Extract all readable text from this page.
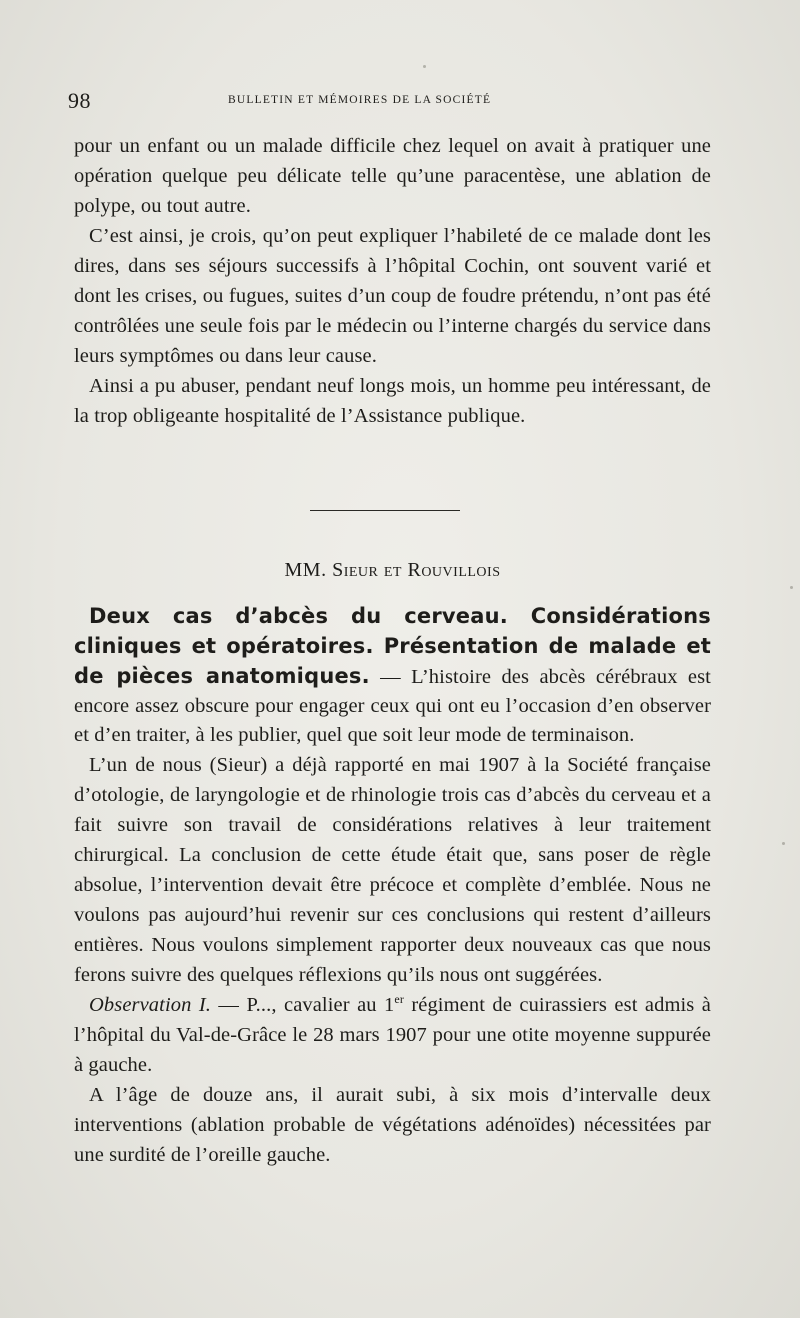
98	BULLETIN ET MÉMOIRES DE LA SOCIÉTÉ

pour un enfant ou un malade difficile chez lequel on avait à pratiquer une opération quelque peu délicate telle qu’une paracentèse, une ablation de polype, ou tout autre.

C’est ainsi, je crois, qu’on peut expliquer l’habileté de ce malade dont les dires, dans ses séjours successifs à l’hôpital Cochin, ont souvent varié et dont les crises, ou fugues, suites d’un coup de foudre prétendu, n’ont pas été contrôlées une seule fois par le médecin ou l’interne chargés du service dans leurs symptômes ou dans leur cause.

Ainsi a pu abuser, pendant neuf longs mois, un homme peu intéressant, de la trop obligeante hospitalité de l’Assistance publique.

MM. Sieur et Rouvillois

Deux cas d’abcès du cerveau. Considérations cliniques et opératoires. Présentation de malade et de pièces anatomiques. — L’histoire des abcès cérébraux est encore assez obscure pour engager ceux qui ont eu l’occasion d’en observer et d’en traiter, à les publier, quel que soit leur mode de terminaison.

L’un de nous (Sieur) a déjà rapporté en mai 1907 à la Société française d’otologie, de laryngologie et de rhinologie trois cas d’abcès du cerveau et a fait suivre son travail de considérations relatives à leur traitement chirurgical. La conclusion de cette étude était que, sans poser de règle absolue, l’intervention devait être précoce et complète d’emblée. Nous ne voulons pas aujourd’hui revenir sur ces conclusions qui restent d’ailleurs entières. Nous voulons simplement rapporter deux nouveaux cas que nous ferons suivre des quelques réflexions qu’ils nous ont suggérées.

Observation I. — P..., cavalier au 1er régiment de cuirassiers est admis à l’hôpital du Val-de-Grâce le 28 mars 1907 pour une otite moyenne suppurée à gauche.

A l’âge de douze ans, il aurait subi, à six mois d’intervalle deux interventions (ablation probable de végétations adénoïdes) nécessitées par une surdité de l’oreille gauche.
